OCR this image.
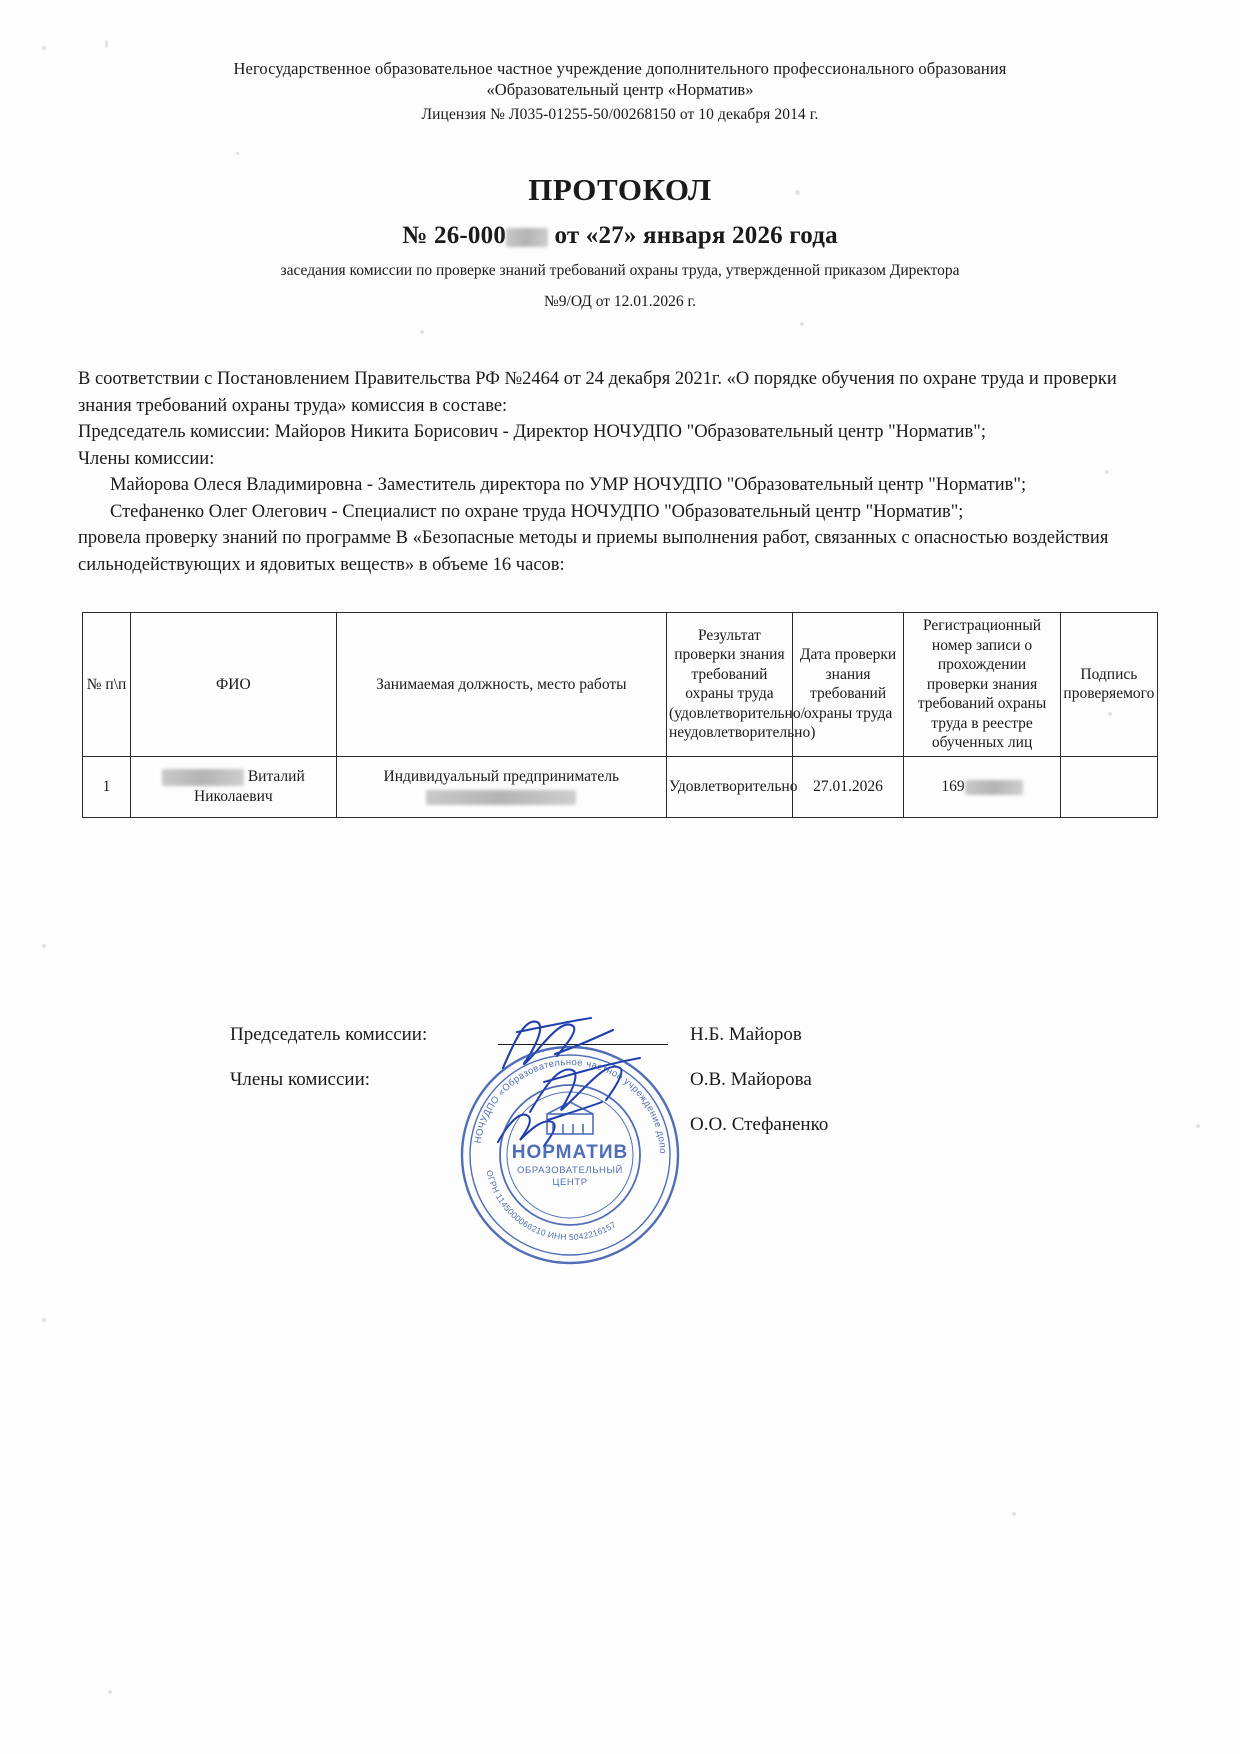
Негосударственное образовательное частное учреждение дополнительного профессионального образования
«Образовательный центр «Норматив»
Лицензия № Л035-01255-50/00268150 от 10 декабря 2014 г.
ПРОТОКОЛ
№ 26-000 от «27» января 2026 года
заседания комиссии по проверке знаний требований охраны труда, утвержденной приказом Директора
№9/ОД от 12.01.2026 г.

В соответствии с Постановлением Правительства РФ №2464 от 24 декабря 2021г. «О порядке обучения по охране труда и проверки знания требований охраны труда» комиссия в составе:

Председатель комиссии: Майоров Никита Борисович - Директор НОЧУДПО "Образовательный центр "Норматив";

Члены комиссии:

Майорова Олеся Владимировна - Заместитель директора по УМР НОЧУДПО "Образовательный центр "Норматив";

Стефаненко Олег Олегович - Специалист по охране труда НОЧУДПО "Образовательный центр "Норматив";

провела проверку знаний по программе В «Безопасные методы и приемы выполнения работ, связанных с опасностью воздействия сильнодействующих и ядовитых веществ» в объеме 16 часов:

№ п\п	ФИО	Занимаемая должность, место работы	Результат проверки знания требований охраны труда (удовлетворительно/неудовлетворительно)	Дата проверки знания требований охраны труда	Регистрационный номер записи о прохождении проверки знания требований охраны труда в реестре обученных лиц	Подпись проверяемого
1	Виталий Николаевич	Индивидуальный предприниматель	Удовлетворительно	27.01.2026	169	
Председатель комиссии:	Н.Б. Майоров
Члены комиссии:	О.В. Майорова
О.О. Стефаненко
НОЧУДПО «Образовательное частное учреждение допо
ОГРН 1145000066210 ИНН 5042216157
НОРМАТИВ
ОБРАЗОВАТЕЛЬНЫЙ
ЦЕНТР
